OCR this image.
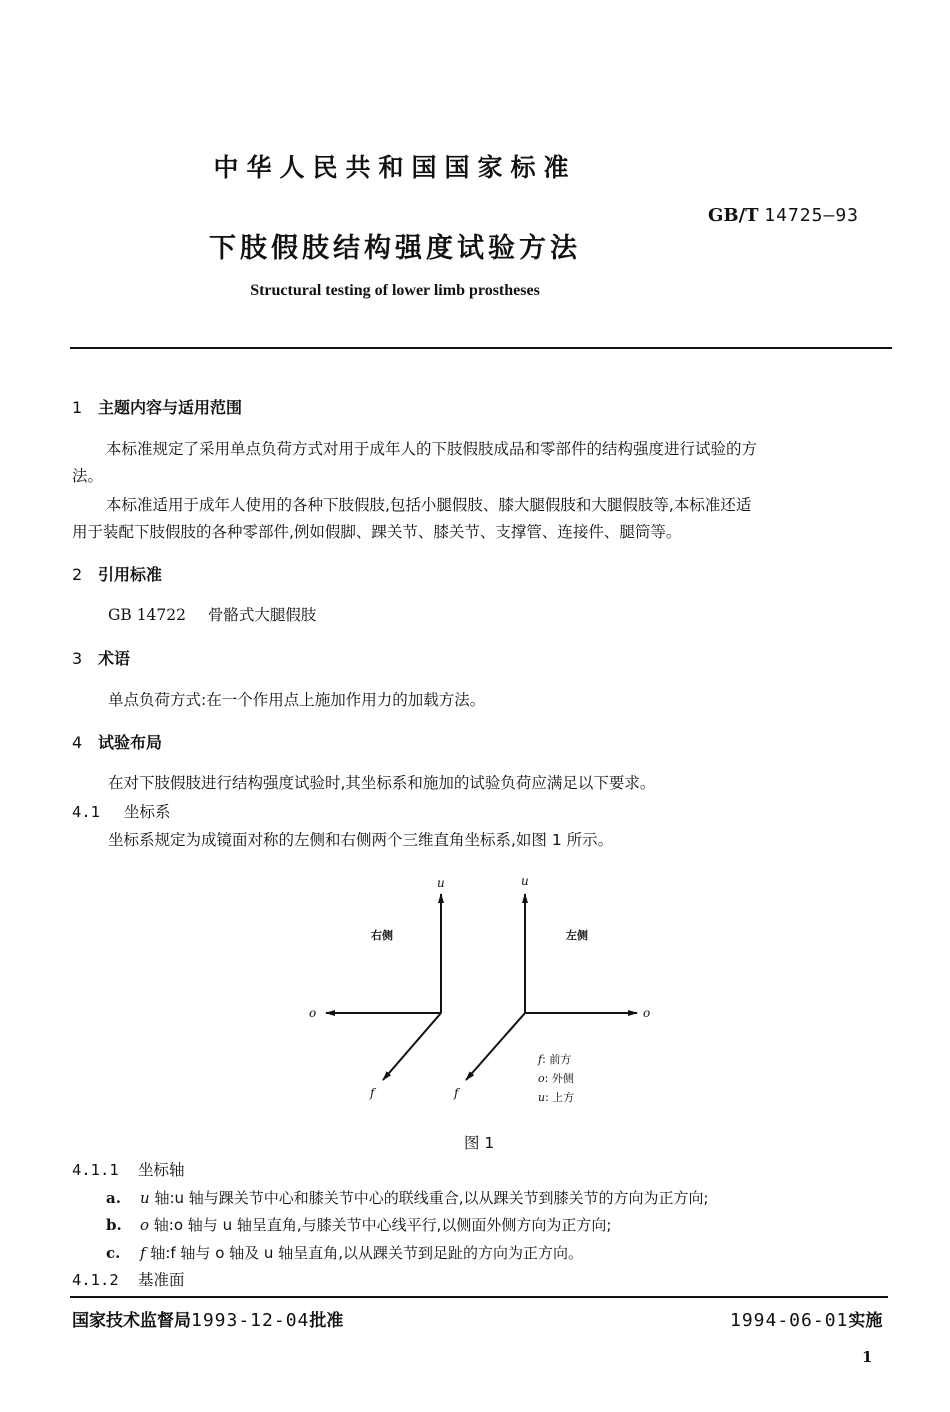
中华人民共和国国家标准
GB/T 14725—93
下肢假肢结构强度试验方法
Structural testing of lower limb prostheses
1 主题内容与适用范围
本标准规定了采用单点负荷方式对用于成年人的下肢假肢成品和零部件的结构强度进行试验的方
法。
本标准适用于成年人使用的各种下肢假肢,包括小腿假肢、膝大腿假肢和大腿假肢等,本标准还适
用于装配下肢假肢的各种零部件,例如假脚、踝关节、膝关节、支撑管、连接件、腿筒等。
2 引用标准
GB 14722 骨骼式大腿假肢
3 术语
单点负荷方式:在一个作用点上施加作用力的加载方法。
4 试验布局
在对下肢假肢进行结构强度试验时,其坐标系和施加的试验负荷应满足以下要求。
4.1 坐标系
坐标系规定为成镜面对称的左侧和右侧两个三维直角坐标系,如图 1 所示。
u	u
右侧	左侧
o	o
f	f
f: 前方
o: 外侧
u: 上方
图 1
4.1.1 坐标轴
a. u 轴:u 轴与踝关节中心和膝关节中心的联线重合,以从踝关节到膝关节的方向为正方向;
b. o 轴:o 轴与 u 轴呈直角,与膝关节中心线平行,以侧面外侧方向为正方向;
c. f 轴:f 轴与 o 轴及 u 轴呈直角,以从踝关节到足趾的方向为正方向。
4.1.2 基准面
国家技术监督局1993-12-04批准	1994-06-01实施
1
